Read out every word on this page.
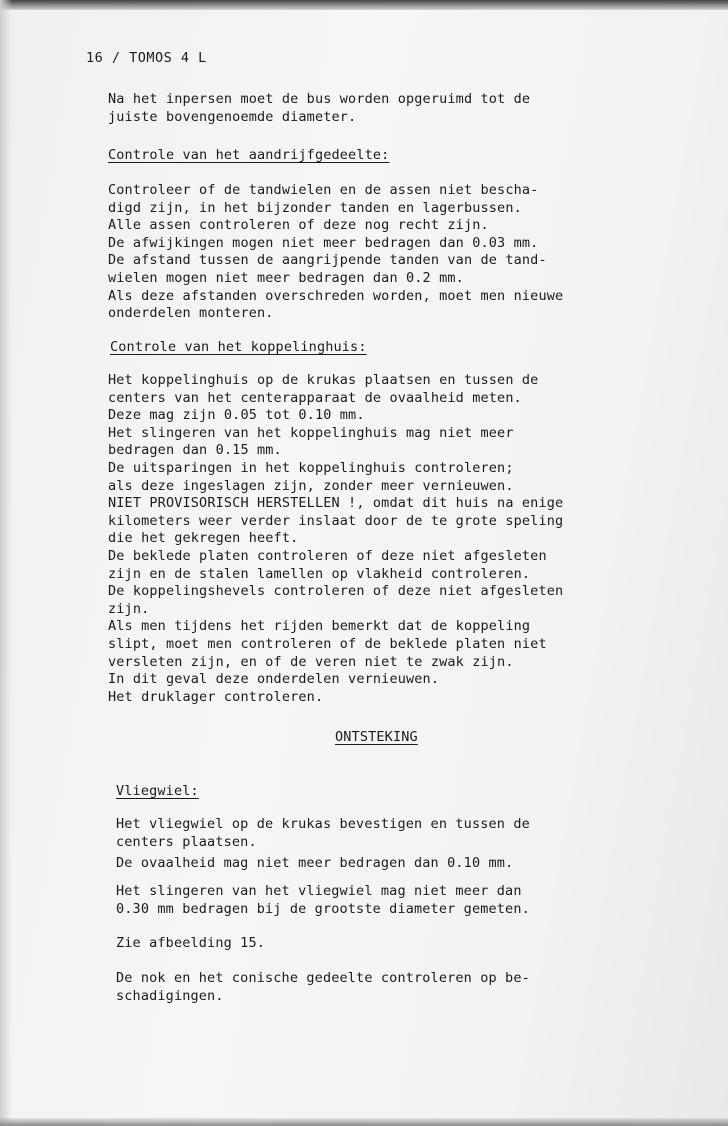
16 / TOMOS 4 L

Na het inpersen moet de bus worden opgeruimd tot de

juiste bovengenoemde diameter.

Controle van het aandrijfgedeelte:

Controleer of de tandwielen en de assen niet bescha-

digd zijn, in het bijzonder tanden en lagerbussen.

Alle assen controleren of deze nog recht zijn.

De afwijkingen mogen niet meer bedragen dan 0.03 mm.

De afstand tussen de aangrijpende tanden van de tand-

wielen mogen niet meer bedragen dan 0.2 mm.

Als deze afstanden overschreden worden, moet men nieuwe

onderdelen monteren.

Controle van het koppelinghuis:

Het koppelinghuis op de krukas plaatsen en tussen de

centers van het centerapparaat de ovaalheid meten.

Deze mag zijn 0.05 tot 0.10 mm.

Het slingeren van het koppelinghuis mag niet meer

bedragen dan 0.15 mm.

De uitsparingen in het koppelinghuis controleren;

als deze ingeslagen zijn, zonder meer vernieuwen.

NIET PROVISORISCH HERSTELLEN !, omdat dit huis na enige

kilometers weer verder inslaat door de te grote speling

die het gekregen heeft.

De beklede platen controleren of deze niet afgesleten

zijn en de stalen lamellen op vlakheid controleren.

De koppelingshevels controleren of deze niet afgesleten

zijn.

Als men tijdens het rijden bemerkt dat de koppeling

slipt, moet men controleren of de beklede platen niet

versleten zijn, en of de veren niet te zwak zijn.

In dit geval deze onderdelen vernieuwen.

Het druklager controleren.

ONTSTEKING
Vliegwiel:

Het vliegwiel op de krukas bevestigen en tussen de

centers plaatsen.

De ovaalheid mag niet meer bedragen dan 0.10 mm.

Het slingeren van het vliegwiel mag niet meer dan

0.30 mm bedragen bij de grootste diameter gemeten.

Zie afbeelding 15.

De nok en het conische gedeelte controleren op be-

schadigingen.
